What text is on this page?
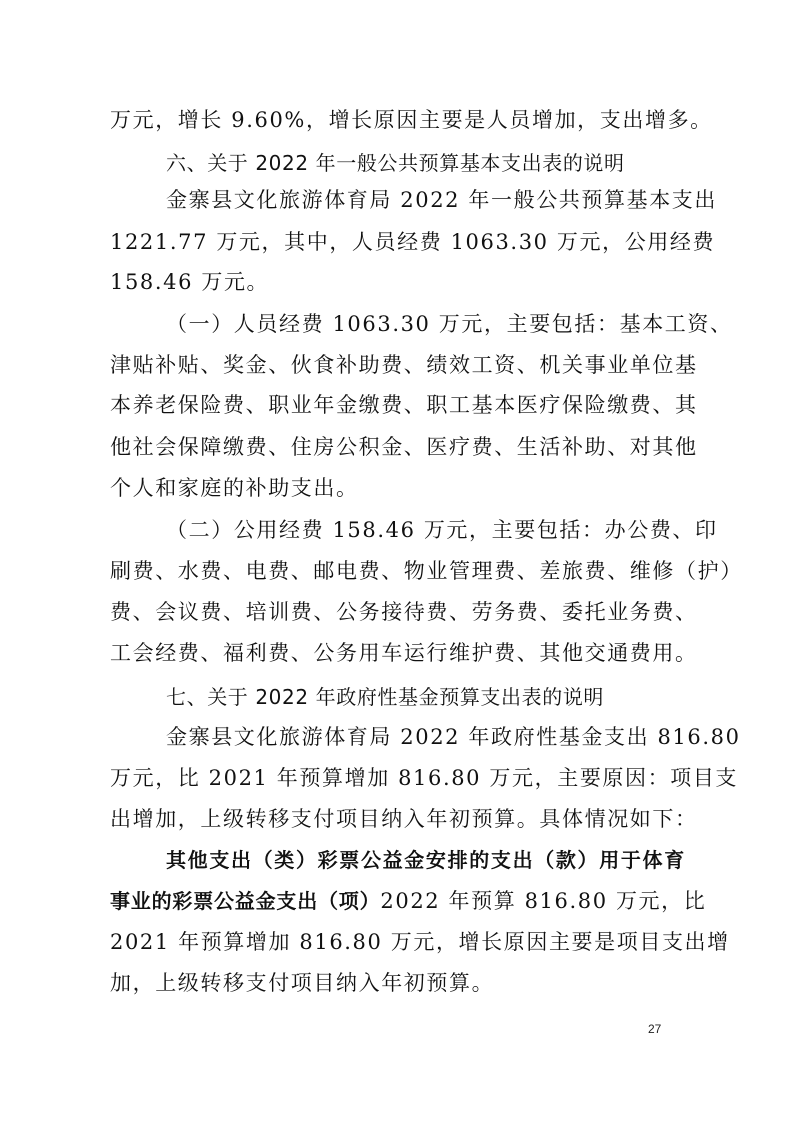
万元，增长 9.60%，增长原因主要是人员增加，支出增多。
六、关于 2022 年一般公共预算基本支出表的说明
金寨县文化旅游体育局 2022 年一般公共预算基本支出
1221.77 万元，其中，人员经费 1063.30 万元，公用经费
158.46 万元。
（一）人员经费 1063.30 万元，主要包括：基本工资、
津贴补贴、奖金、伙食补助费、绩效工资、机关事业单位基
本养老保险费、职业年金缴费、职工基本医疗保险缴费、其
他社会保障缴费、住房公积金、医疗费、生活补助、对其他
个人和家庭的补助支出。
（二）公用经费 158.46 万元，主要包括：办公费、印
刷费、水费、电费、邮电费、物业管理费、差旅费、维修（护）
费、会议费、培训费、公务接待费、劳务费、委托业务费、
工会经费、福利费、公务用车运行维护费、其他交通费用。
七、关于 2022 年政府性基金预算支出表的说明
金寨县文化旅游体育局 2022 年政府性基金支出 816.80
万元，比 2021 年预算增加 816.80 万元，主要原因：项目支
出增加，上级转移支付项目纳入年初预算。具体情况如下：
其他支出（类）彩票公益金安排的支出（款）用于体育
事业的彩票公益金支出（项）2022 年预算 816.80 万元，比
2021 年预算增加 816.80 万元，增长原因主要是项目支出增
加，上级转移支付项目纳入年初预算。
27
